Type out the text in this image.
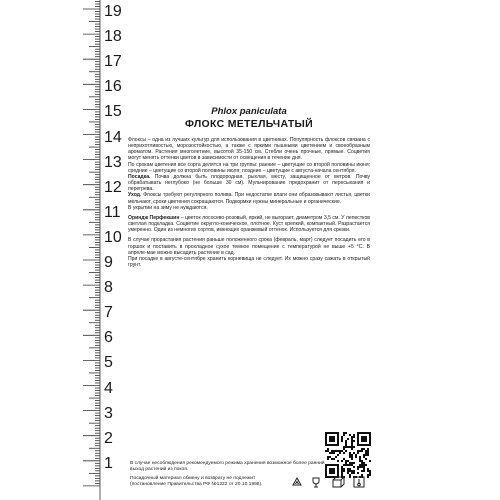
19
18
17
16
15
14
13
12
11
10
9
8
7
6
5
4
3
2
1
Phlox paniculata
ФЛОКС МЕТЕЛЬЧАТЫЙ

Флоксы – одна из лучших культур для использования в цветниках. Популярность флоксов связана с неприхотливостью, морозостойкостью, а также с яркими пышными цветением и своеобразным ароматом. Растения многолетние, высотой 35-150 см. Стебли очень прочные, прямые. Соцветия могут менять оттенки цветов в зависимости от освещения в течение дня.

По срокам цветения все сорта делятся на три группы: ранние – цветущие со второй половины июня; средние – цветущие со второй половины июля; поздние – цветущие с августа-начала сентября.

Посадка. Почва должна быть плодородная, рыхлая, месту, защищенное от ветров. Почву обрабатывать неглубоко (не больше 30 см). Мульчирование предохранит от пересыхания и перегрева.

Уход. Флоксы требуют регулярного полива. При недостатке влаги они образовывают листья, цветки мельчают, сроки цветения сокращаются. Подкормки нужны минеральные и органические.

В укрытии на зиму не нуждаются.

Ориндж Перфекшин – цветок лососево-розовый, яркий, не выгорает, диаметром 3,5 см. У лепестков светлая подкладка. Соцветие округло-коническое, плотное. Куст крепкий, компактный. Разрастается умеренно. Один из немногих сортов, имеющих оранжевый оттенок. Используется для срезки.

В случае прорастания растения раньше положенного срока (февраль, март) следует посадить его в горшок и поставить в прохладное сухое темное помещение с температурой не выше +5 °С. В апреле-мае можно высадить растение в сад.

При посадке в августе-сентябре хранить корневища не следует. Их можно сразу сажать в открытый грунт.

В случае несоблюдения рекомендуемого режима хранения возможное более ранний выход растений из покоя.
Посадочный материал обмену и возврату не подлежит
(постановление Правительства РФ №1222 от 20.10.1998).
